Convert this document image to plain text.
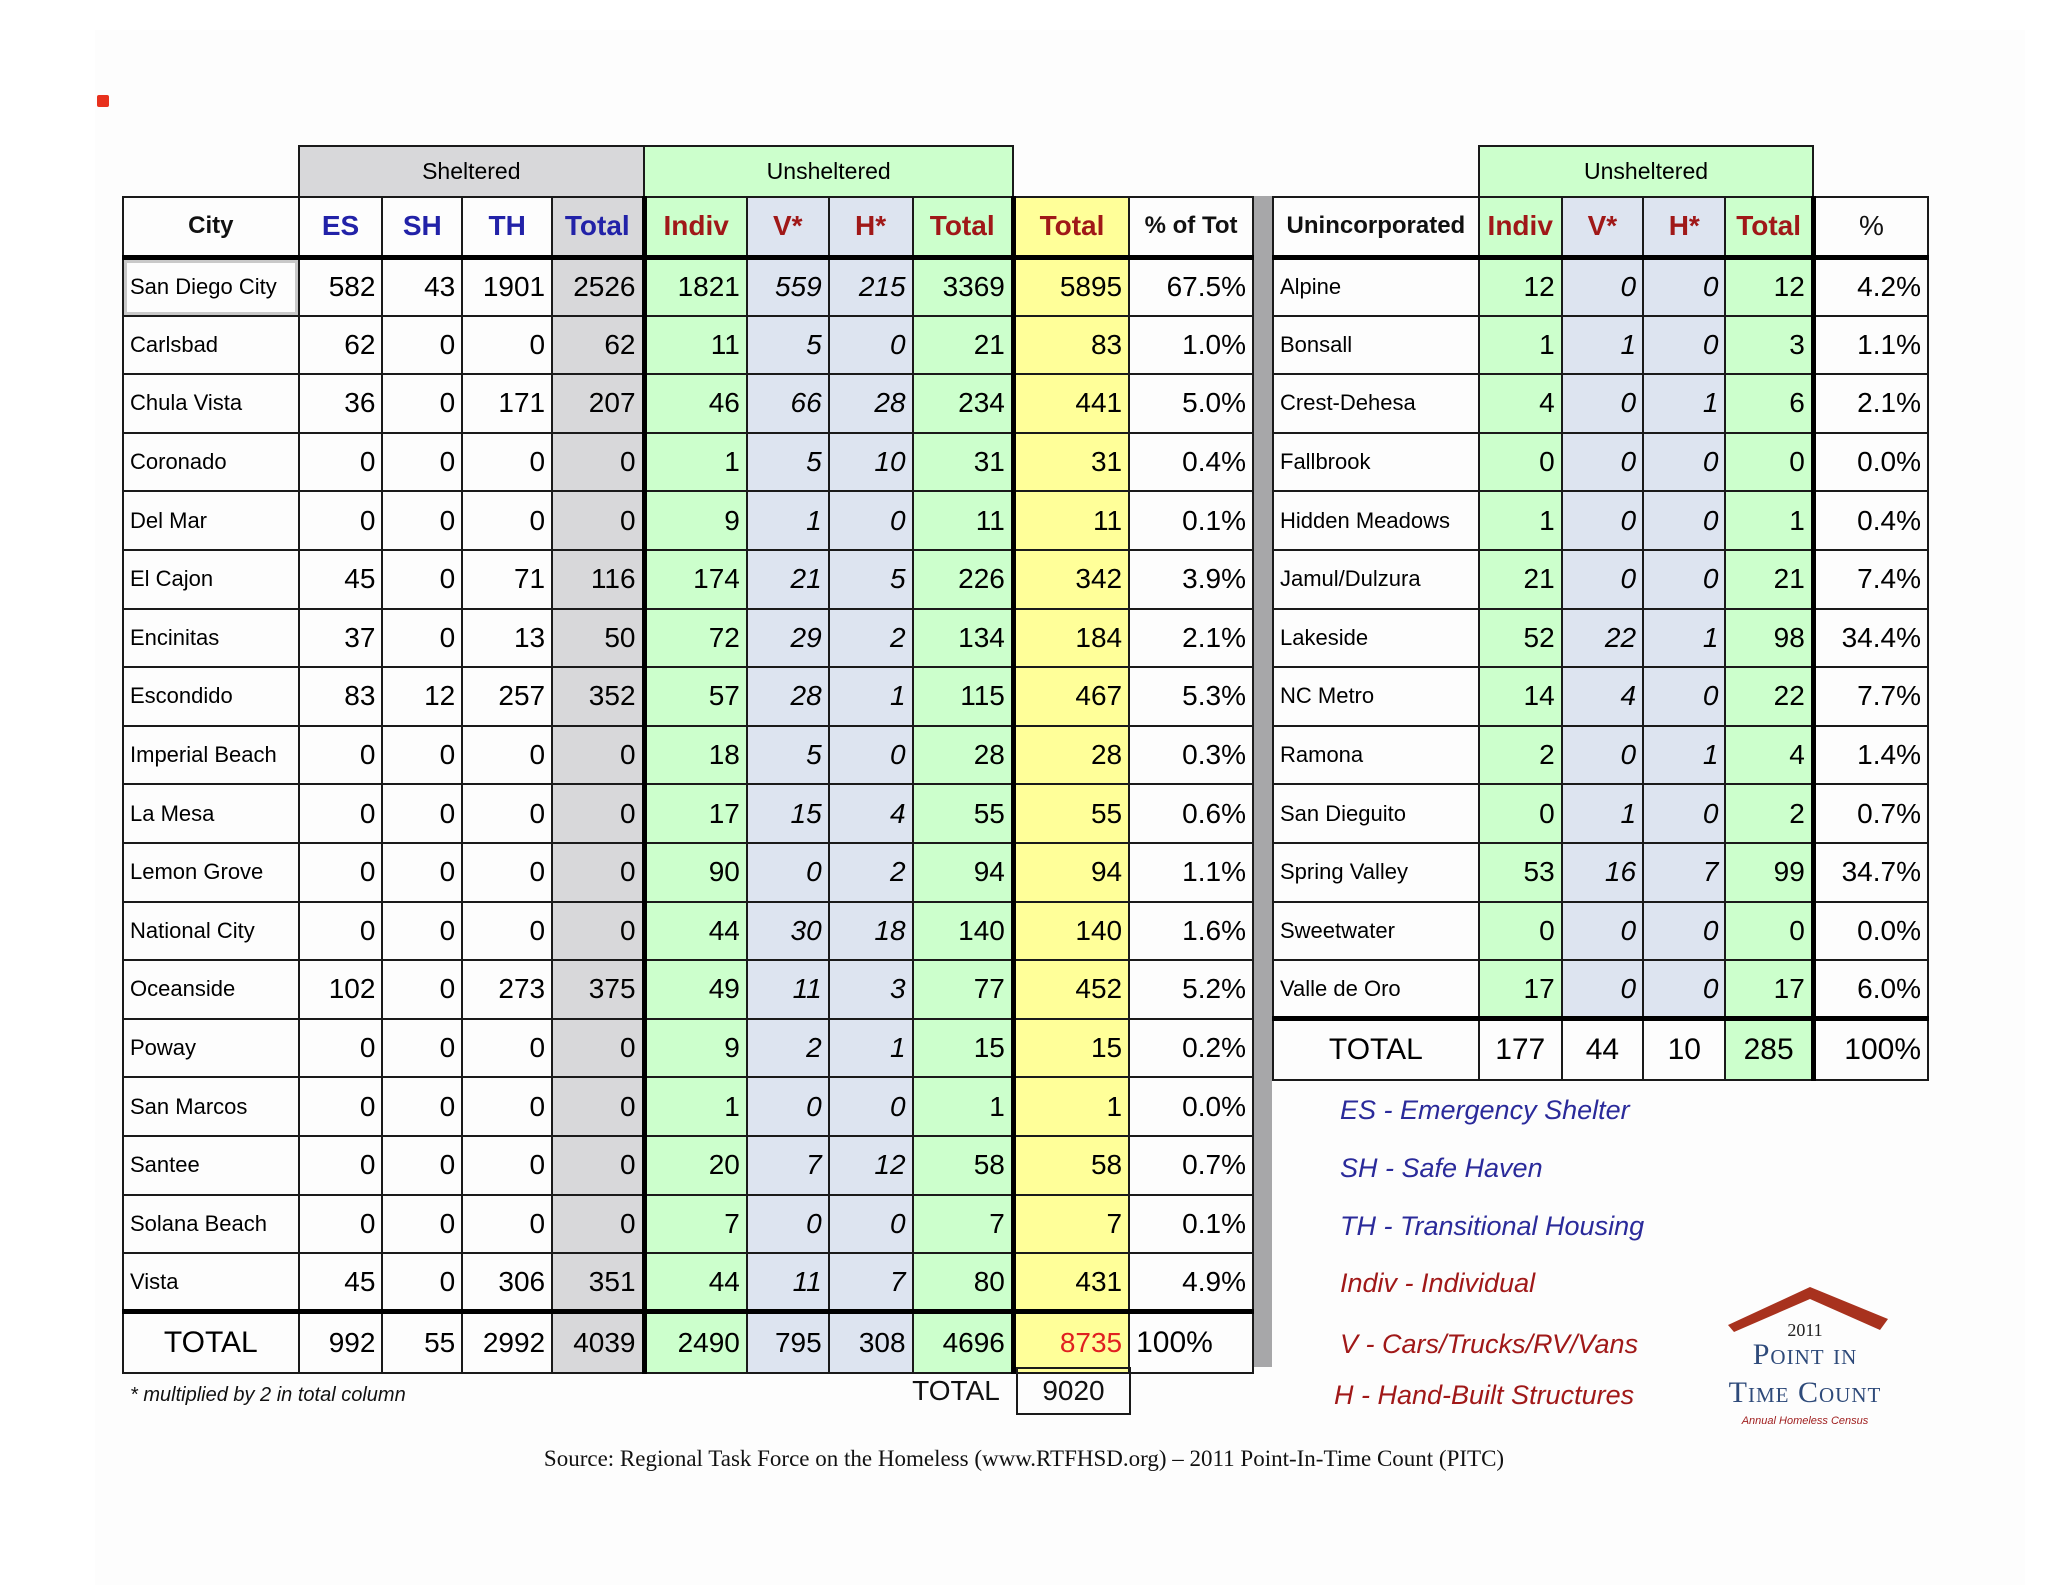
	Sheltered				Unsheltered					
City	ES	SH	TH	Total	Indiv	V*	H*	Total	Total	% of Tot
San Diego City	582	43	1901	2526	1821	559	215	3369	5895	67.5%
Carlsbad	62	0	0	62	11	5	0	21	83	1.0%
Chula Vista	36	0	171	207	46	66	28	234	441	5.0%
Coronado	0	0	0	0	1	5	10	31	31	0.4%
Del Mar	0	0	0	0	9	1	0	11	11	0.1%
El Cajon	45	0	71	116	174	21	5	226	342	3.9%
Encinitas	37	0	13	50	72	29	2	134	184	2.1%
Escondido	83	12	257	352	57	28	1	115	467	5.3%
Imperial Beach	0	0	0	0	18	5	0	28	28	0.3%
La Mesa	0	0	0	0	17	15	4	55	55	0.6%
Lemon Grove	0	0	0	0	90	0	2	94	94	1.1%
National City	0	0	0	0	44	30	18	140	140	1.6%
Oceanside	102	0	273	375	49	11	3	77	452	5.2%
Poway	0	0	0	0	9	2	1	15	15	0.2%
San Marcos	0	0	0	0	1	0	0	1	1	0.0%
Santee	0	0	0	0	20	7	12	58	58	0.7%
Solana Beach	0	0	0	0	7	0	0	7	7	0.1%
Vista	45	0	306	351	44	11	7	80	431	4.9%
TOTAL	992	55	2992	4039	2490	795	308	4696	8735	100%
	Unsheltered				
Unincorporated	Indiv	V*	H*	Total	%
Alpine	12	0	0	12	4.2%
Bonsall	1	1	0	3	1.1%
Crest-Dehesa	4	0	1	6	2.1%
Fallbrook	0	0	0	0	0.0%
Hidden Meadows	1	0	0	1	0.4%
Jamul/Dulzura	21	0	0	21	7.4%
Lakeside	52	22	1	98	34.4%
NC Metro	14	4	0	22	7.7%
Ramona	2	0	1	4	1.4%
San Dieguito	0	1	0	2	0.7%
Spring Valley	53	16	7	99	34.7%
Sweetwater	0	0	0	0	0.0%
Valle de Oro	17	0	0	17	6.0%
TOTAL	177	44	10	285	100%
* multiplied by 2 in total column	TOTAL	9020
ES - Emergency Shelter
SH - Safe Haven
TH - Transitional Housing
Indiv - Individual
V - Cars/Trucks/RV/Vans
H - Hand-Built Structures
2011
Point in
Time Count
Annual Homeless Census
Source: Regional Task Force on the Homeless (www.RTFHSD.org) – 2011 Point-In-Time Count (PITC)
